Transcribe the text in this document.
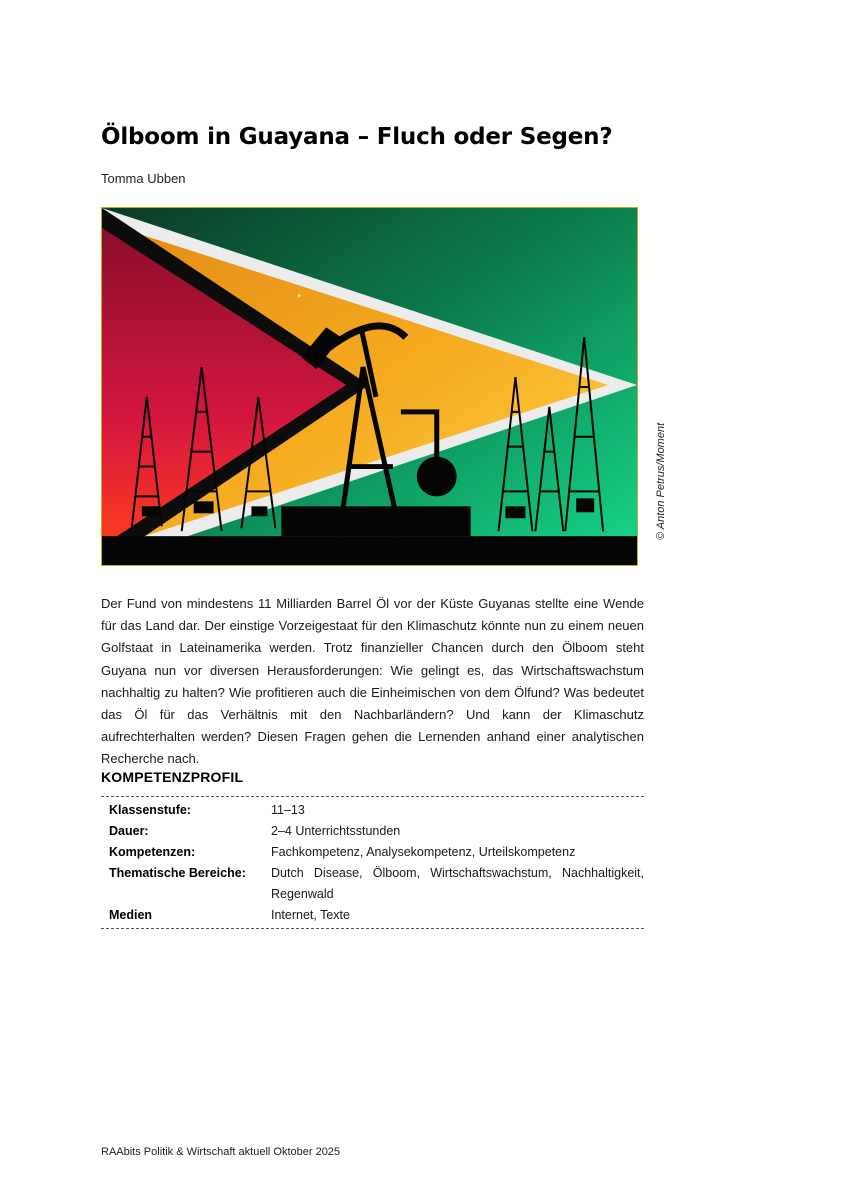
Ölboom in Guayana – Fluch oder Segen?
Tomma Ubben
© Anton Petrus/Moment

Der Fund von mindestens 11 Milliarden Barrel Öl vor der Küste Guyanas stellte eine Wende für das Land dar. Der einstige Vorzeigestaat für den Klimaschutz könnte nun zu einem neuen Golfstaat in Lateinamerika werden. Trotz finanzieller Chancen durch den Ölboom steht Guyana nun vor diversen Herausforderungen: Wie gelingt es, das Wirtschaftswachstum nachhaltig zu halten? Wie profitieren auch die Einheimischen von dem Ölfund? Was bedeutet das Öl für das Verhältnis mit den Nachbarländern? Und kann der Klimaschutz aufrechterhalten werden? Diesen Fragen gehen die Lernenden anhand einer analytischen Recherche nach.

KOMPETENZPROFIL
Klassenstufe:	11–13
Dauer:	2–4 Unterrichtsstunden
Kompetenzen:	Fachkompetenz, Analysekompetenz, Urteilskompetenz
Thematische Bereiche:	Dutch Disease, Ölboom, Wirtschaftswachstum, Nachhaltigkeit,
Regenwald
Medien	Internet, Texte
RAAbits Politik & Wirtschaft aktuell Oktober 2025
